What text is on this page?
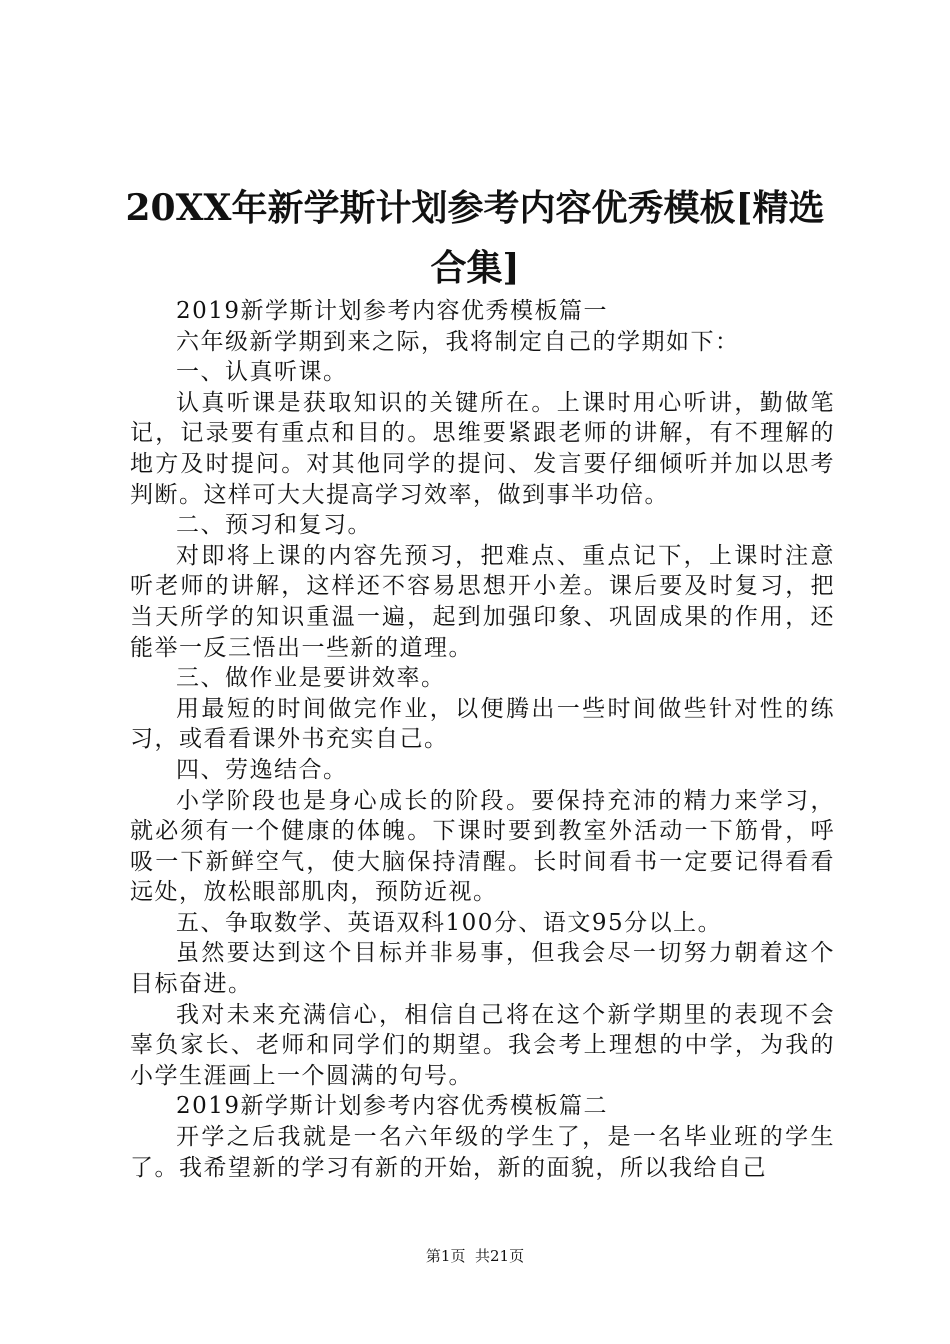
20XX年新学斯计划参考内容优秀模板[精选合集]

2019新学斯计划参考内容优秀模板篇一

六年级新学期到来之际，我将制定自己的学期如下：

一、认真听课。

认真听课是获取知识的关键所在。上课时用心听讲，勤做笔记，记录要有重点和目的。思维要紧跟老师的讲解，有不理解的地方及时提问。对其他同学的提问、发言要仔细倾听并加以思考判断。这样可大大提高学习效率，做到事半功倍。

二、预习和复习。

对即将上课的内容先预习，把难点、重点记下，上课时注意听老师的讲解，这样还不容易思想开小差。课后要及时复习，把当天所学的知识重温一遍，起到加强印象、巩固成果的作用，还能举一反三悟出一些新的道理。

三、做作业是要讲效率。

用最短的时间做完作业，以便腾出一些时间做些针对性的练习，或看看课外书充实自己。

四、劳逸结合。

小学阶段也是身心成长的阶段。要保持充沛的精力来学习，就必须有一个健康的体魄。下课时要到教室外活动一下筋骨，呼吸一下新鲜空气，使大脑保持清醒。长时间看书一定要记得看看远处，放松眼部肌肉，预防近视。

五、争取数学、英语双科100分、语文95分以上。

虽然要达到这个目标并非易事，但我会尽一切努力朝着这个目标奋进。

我对未来充满信心，相信自己将在这个新学期里的表现不会辜负家长、老师和同学们的期望。我会考上理想的中学，为我的小学生涯画上一个圆满的句号。

2019新学斯计划参考内容优秀模板篇二

开学之后我就是一名六年级的学生了，是一名毕业班的学生了。我希望新的学习有新的开始，新的面貌，所以我给自己

第1页 共21页
